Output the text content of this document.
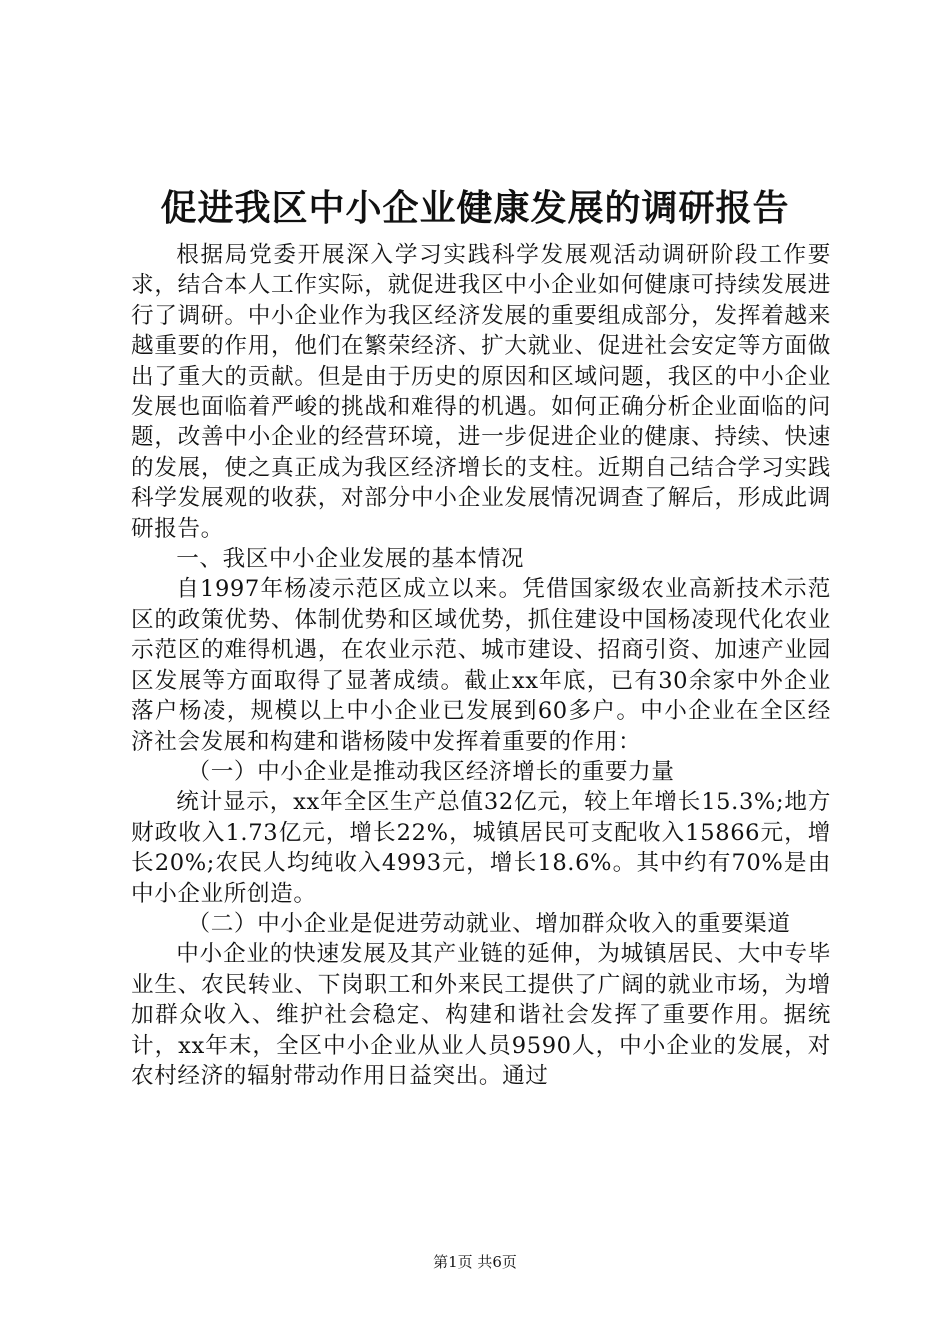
促进我区中小企业健康发展的调研报告

根据局党委开展深入学习实践科学发展观活动调研阶段工作要求，结合本人工作实际，就促进我区中小企业如何健康可持续发展进行了调研。中小企业作为我区经济发展的重要组成部分，发挥着越来越重要的作用，他们在繁荣经济、扩大就业、促进社会安定等方面做出了重大的贡献。但是由于历史的原因和区域问题，我区的中小企业发展也面临着严峻的挑战和难得的机遇。如何正确分析企业面临的问题，改善中小企业的经营环境，进一步促进企业的健康、持续、快速的发展，使之真正成为我区经济增长的支柱。近期自己结合学习实践科学发展观的收获，对部分中小企业发展情况调查了解后，形成此调研报告。

一、我区中小企业发展的基本情况

自1997年杨凌示范区成立以来。凭借国家级农业高新技术示范区的政策优势、体制优势和区域优势，抓住建设中国杨凌现代化农业示范区的难得机遇，在农业示范、城市建设、招商引资、加速产业园区发展等方面取得了显著成绩。截止xx年底，已有30余家中外企业落户杨凌，规模以上中小企业已发展到60多户。中小企业在全区经济社会发展和构建和谐杨陵中发挥着重要的作用：

（一）中小企业是推动我区经济增长的重要力量

统计显示，xx年全区生产总值32亿元，较上年增长15.3%;地方财政收入1.73亿元，增长22%，城镇居民可支配收入15866元，增长20%;农民人均纯收入4993元，增长18.6%。其中约有70%是由中小企业所创造。

（二）中小企业是促进劳动就业、增加群众收入的重要渠道

中小企业的快速发展及其产业链的延伸，为城镇居民、大中专毕业生、农民转业、下岗职工和外来民工提供了广阔的就业市场，为增加群众收入、维护社会稳定、构建和谐社会发挥了重要作用。据统计，xx年末，全区中小企业从业人员9590人，中小企业的发展，对农村经济的辐射带动作用日益突出。通过

第1页 共6页
